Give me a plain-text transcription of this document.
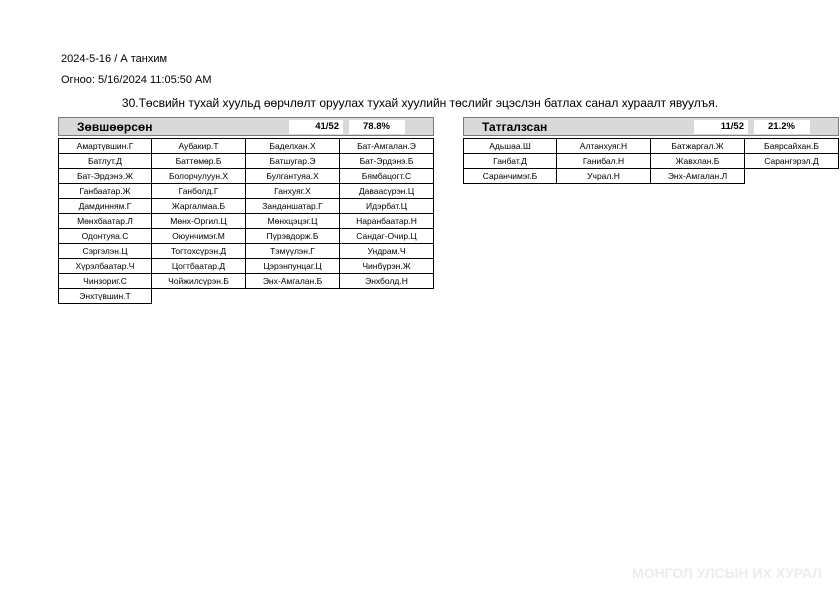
2024-5-16 / А танхим
Огноо: 5/16/2024 11:05:50 AM
30.Төсвийн тухай хуульд өөрчлөлт оруулах тухай хуулийн төслийг эцэслэн батлах санал хураалт явуулъя.
Зөвшөөрсөн	41/52	78.8%
Амартүвшин.Г	Аубакир.Т	Баделхан.Х	Бат-Амгалан.Э
Батлут.Д	Баттөмөр.Б	Батшугар.Э	Бат-Эрдэнэ.Б
Бат-Эрдэнэ.Ж	Болорчулуун.Х	Булгантуяа.Х	Бямбацогт.С
Ганбаатар.Ж	Ганболд.Г	Ганхуяг.Х	Даваасүрэн.Ц
Дамдинням.Г	Жаргалмаа.Б	Занданшатар.Г	Идэрбат.Ц
Мөнхбаатар.Л	Мөнх-Оргил.Ц	Мөнхцэцэг.Ц	Наранбаатар.Н
Одонтуяа.С	Оюунчимэг.М	Пүрэвдорж.Б	Сандаг-Очир.Ц
Сэргэлэн.Ц	Тогтохсүрэн.Д	Тэмүүлэн.Г	Ундрам.Ч
Хүрэлбаатар.Ч	Цогтбаатар.Д	Цэрэнпунцаг.Ц	Чинбүрэн.Ж
Чинзориг.С	Чойжилсүрэн.Б	Энх-Амгалан.Б	Энхболд.Н
Энхтүвшин.Т
Татгалзсан	11/52	21.2%
Адьшаа.Ш	Алтанхуяг.Н	Батжаргал.Ж	Баярсайхан.Б
Ганбат.Д	Ганибал.Н	Жавхлан.Б	Сарангэрэл.Д
Саранчимэг.Б	Учрал.Н	Энх-Амгалан.Л
МОНГОЛ УЛСЫН ИХ ХУРАЛ
